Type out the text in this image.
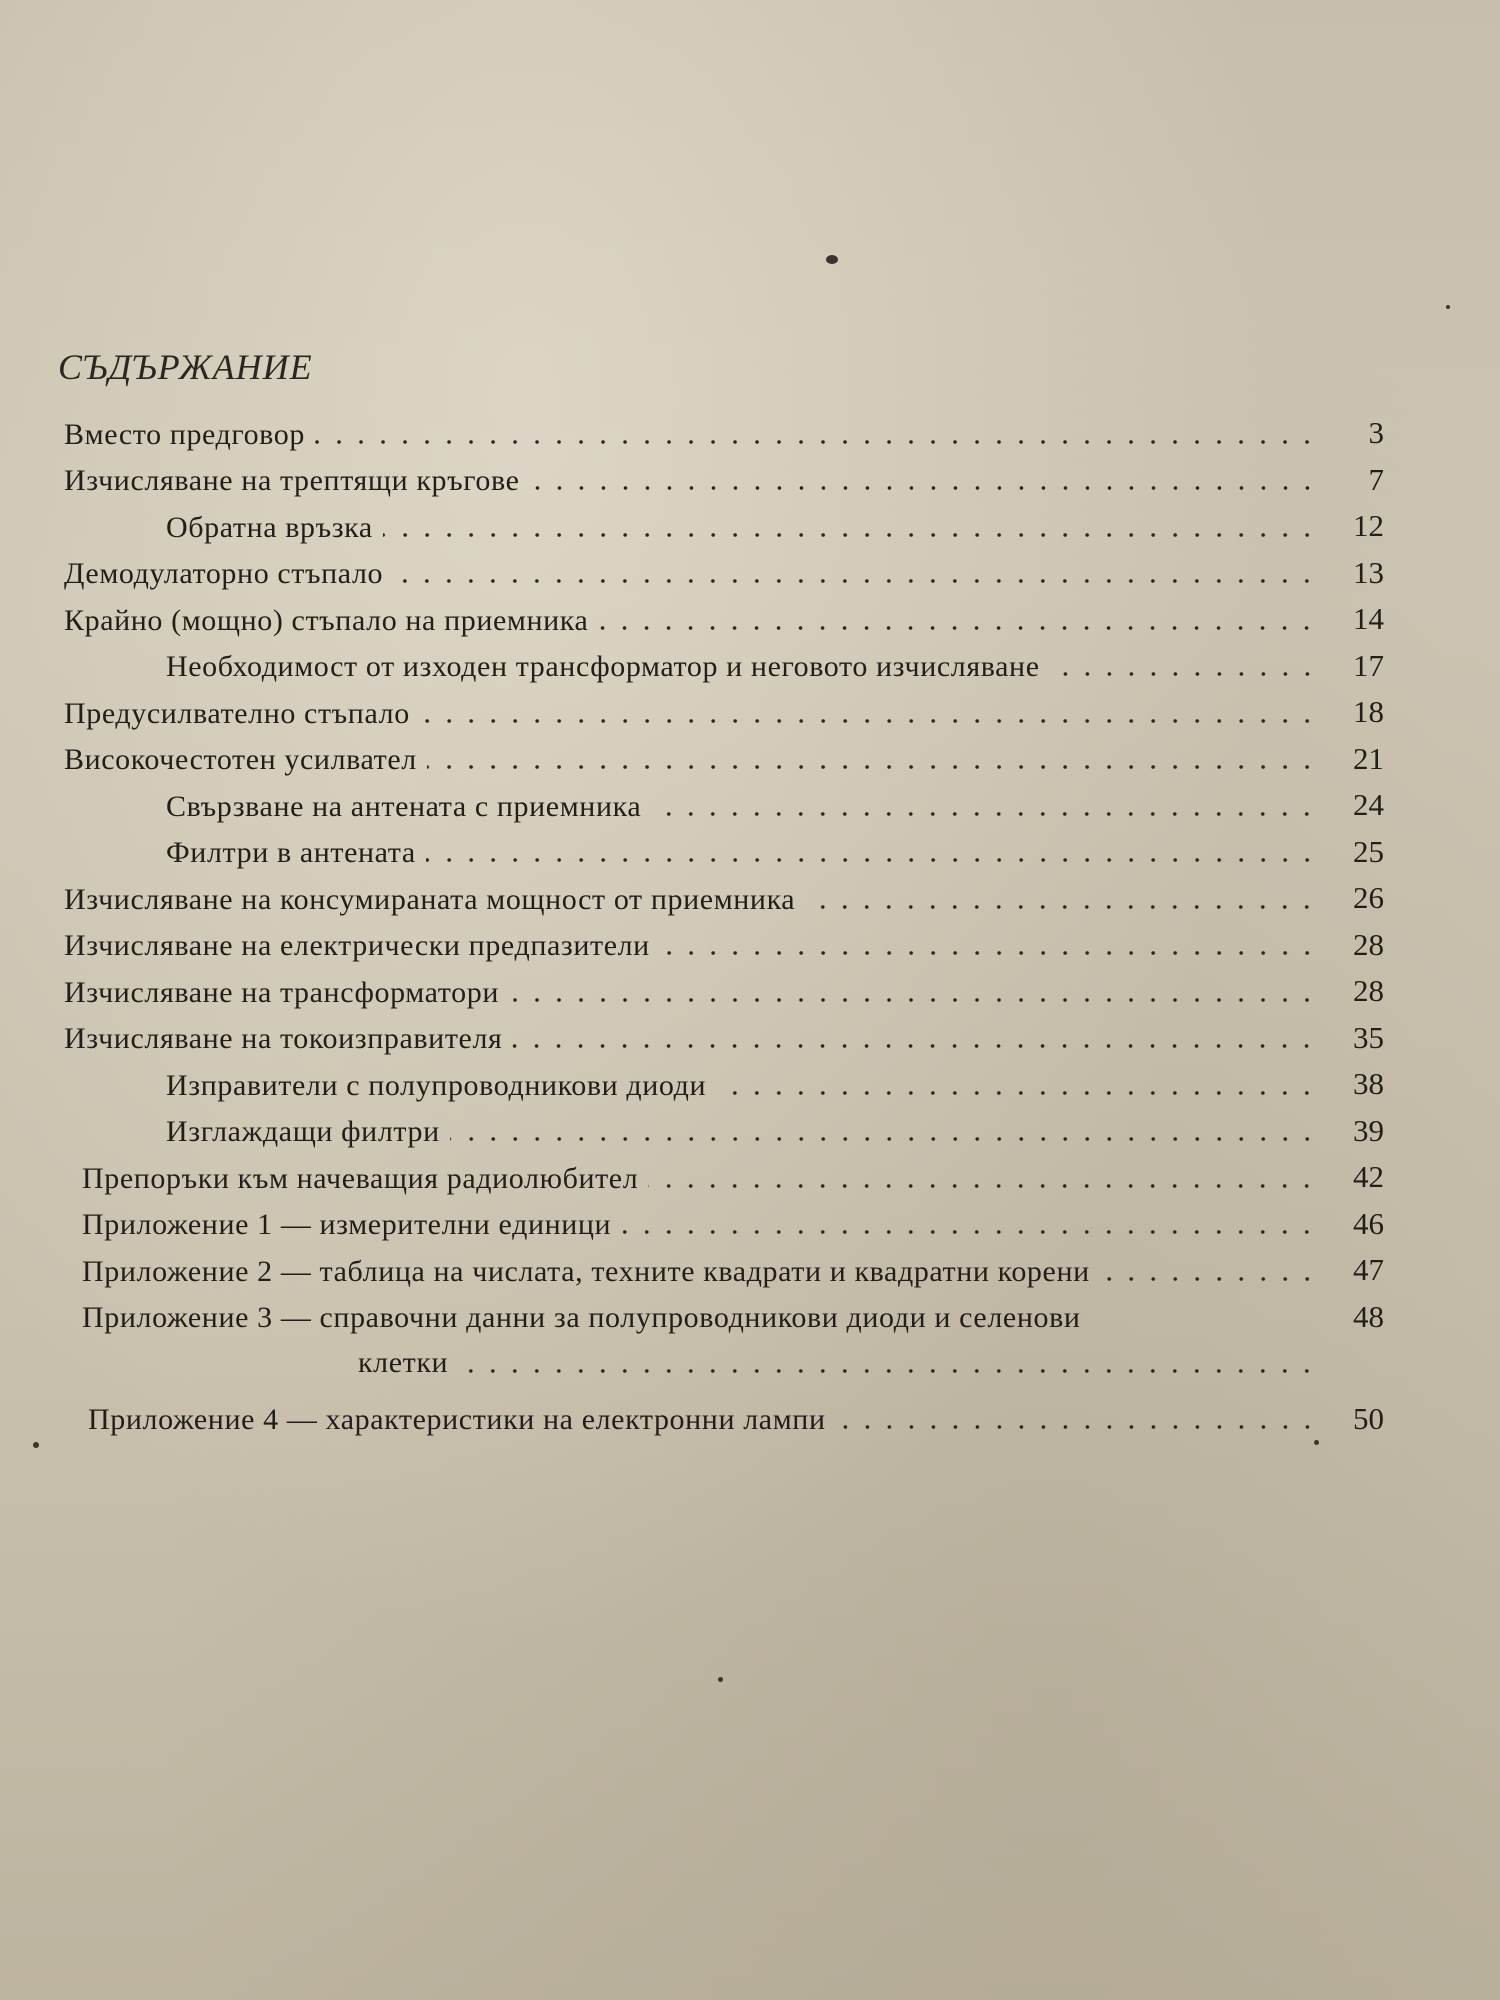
СЪДЪРЖАНИЕ
Вместо предговор	3
Изчисляване на трептящи кръгове	7
Обратна връзка	12
Демодулаторно стъпало	13
Крайно (мощно) стъпало на приемника	14
Необходимост от изходен трансформатор и неговото изчисляване	17
Предусилвателно стъпало	18
Високочестотен усилвател	21
Свързване на антената с приемника	24
Филтри в антената	25
Изчисляване на консумираната мощност от приемника	26
Изчисляване на електрически предпазители	28
Изчисляване на трансформатори	28
Изчисляване на токоизправителя	35
Изправители с полупроводникови диоди	38
Изглаждащи филтри	39
Препоръки към начеващия радиолюбител	42
Приложение 1 — измерителни единици	46
Приложение 2 — таблица на числата, техните квадрати и квадратни корени	47
Приложение 3 — справочни данни за полупроводникови диоди и селенови	48
клетки
Приложение 4 — характеристики на електронни лампи	50
